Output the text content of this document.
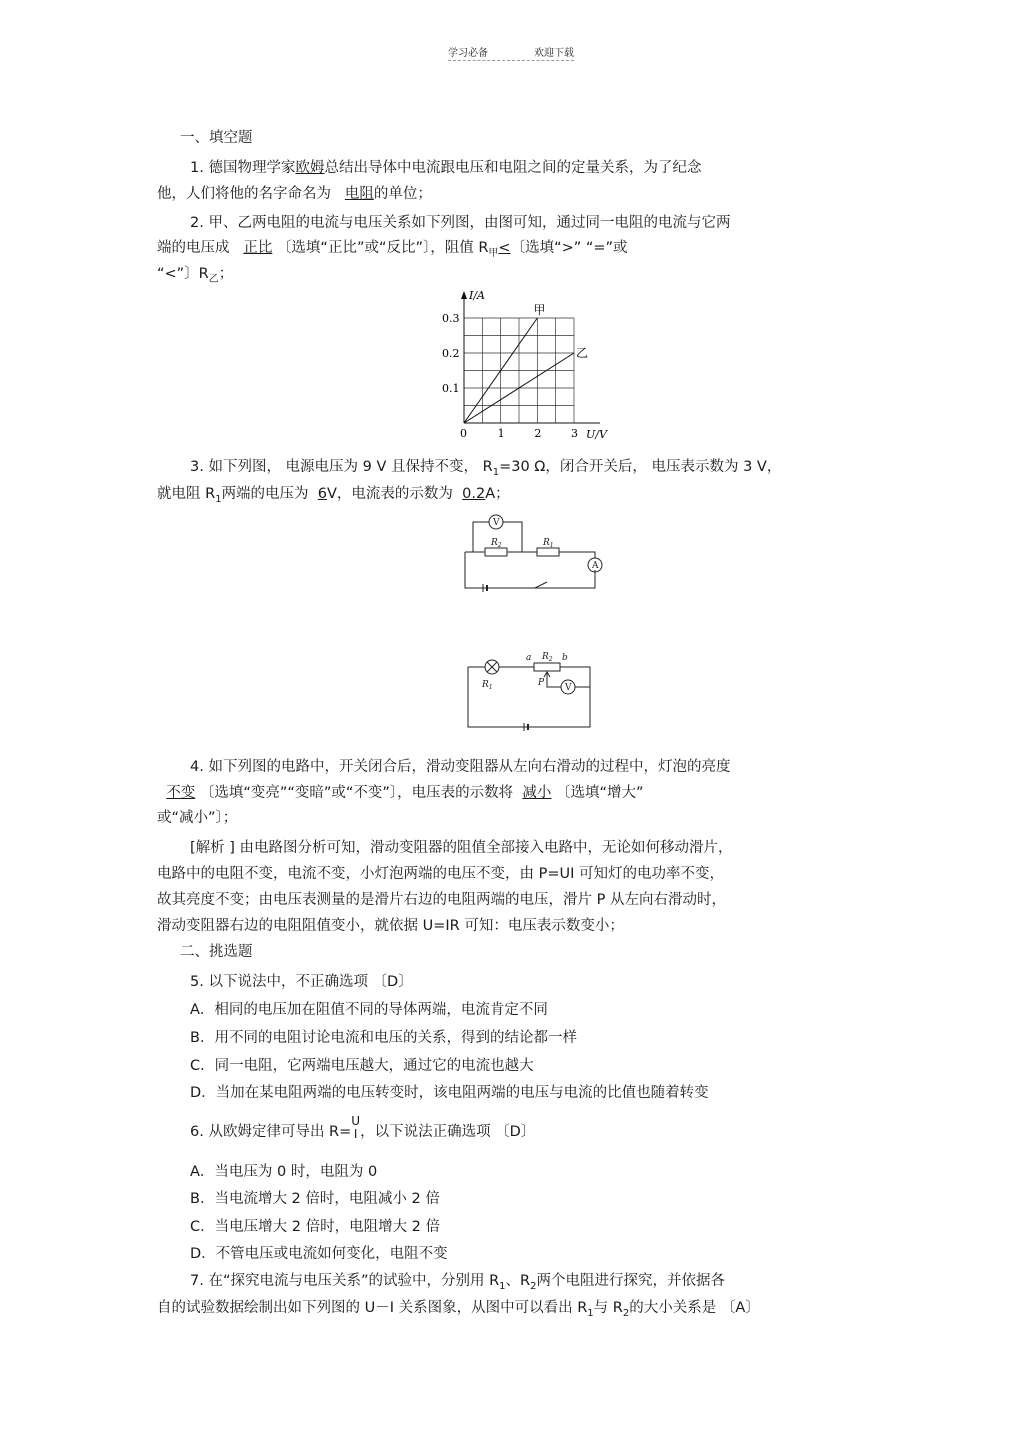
学习必备	欢迎下载
一、填空题
1. 德国物理学家欧姆总结出导体中电流跟电压和电阻之间的定量关系，为了纪念
他，人们将他的名字命名为 电阻的单位；
2. 甲、乙两电阻的电流与电压关系如下列图，由图可知，通过同一电阻的电流与它两
端的电压成 正比 〔选填“正比”或“反比”〕，阻值 $R_甲<$〔选填“>” “=”或
“<”〕$R_乙$；
I/A
U/V
0	1	2	3
0.1
0.2
0.3
甲
乙
3. 如下列图， 电源电压为 9 V 且保持不变， $R_1=30$ Ω，闭合开关后， 电压表示数为 3 V，
就电阻 $R_1$两端的电压为 6V，电流表的示数为 0.2A；
V
$R_2$	$R_1$
A
a	b
$R_2$
$R_1$	P V
4. 如下列图的电路中，开关闭合后，滑动变阻器从左向右滑动的过程中，灯泡的亮度
不变 〔选填“变亮”“变暗”或“不变”〕，电压表的示数将 减小 〔选填“增大”
或“减小”〕；
[解析 ] 由电路图分析可知，滑动变阻器的阻值全部接入电路中，无论如何移动滑片，
电路中的电阻不变，电流不变，小灯泡两端的电压不变，由 P=UI 可知灯的电功率不变，
故其亮度不变；由电压表测量的是滑片右边的电阻两端的电压，滑片 P 从左向右滑动时，
滑动变阻器右边的电阻阻值变小，就依据 U=IR 可知：电压表示数变小；
二、挑选题
5. 以下说法中，不正确选项 〔D〕
A．相同的电压加在阻值不同的导体两端，电流肯定不同
B．用不同的电阻讨论电流和电压的关系，得到的结论都一样
C．同一电阻，它两端电压越大，通过它的电流也越大
D．当加在某电阻两端的电压转变时，该电阻两端的电压与电流的比值也随着转变
6. 从欧姆定律可导出 R=
U
I ，以下说法正确选项 〔D〕
A．当电压为 0 时，电阻为 0
B．当电流增大 2 倍时，电阻减小 2 倍
C．当电压增大 2 倍时，电阻增大 2 倍
D．不管电压或电流如何变化，电阻不变
7. 在“探究电流与电压关系”的试验中，分别用 $R_1$、$R_2$两个电阻进行探究，并依据各
自的试验数据绘制出如下列图的 U－I 关系图象，从图中可以看出 $R_1$与 $R_2$的大小关系是 〔A〕
